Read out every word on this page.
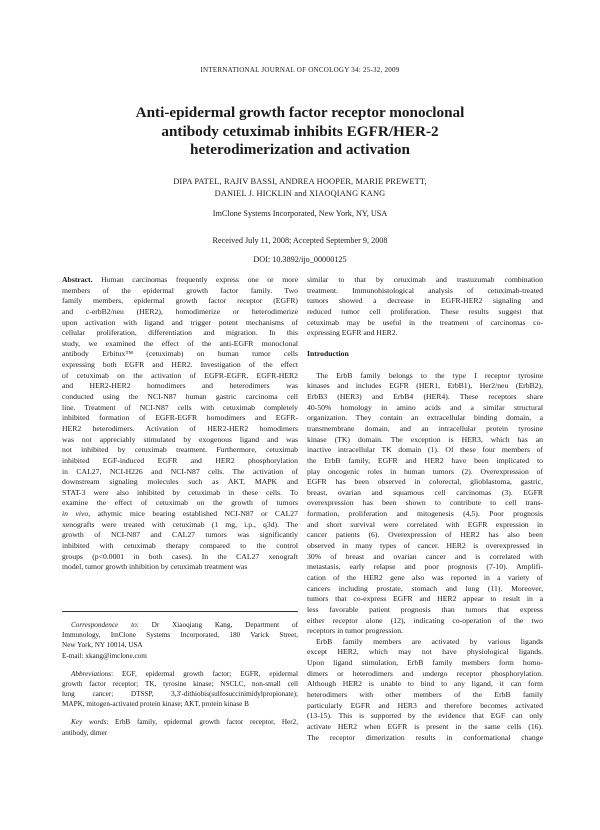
INTERNATIONAL JOURNAL OF ONCOLOGY 34: 25-32, 2009
Anti-epidermal growth factor receptor monoclonal
antibody cetuximab inhibits EGFR/HER-2
heterodimerization and activation
DIPA PATEL, RAJIV BASSI, ANDREA HOOPER, MARIE PREWETT,
DANIEL J. HICKLIN and XIAOQIANG KANG
ImClone Systems Incorporated, New York, NY, USA
Received July 11, 2008; Accepted September 9, 2008
DOI: 10.3892/ijo_00000125
Abstract. Human carcinomas frequently express one or more
members of the epidermal growth factor family. Two
family members, epidermal growth factor receptor (EGFR)
and c-erbB2/neu (HER2), homodimerize or heterodimerize
upon activation with ligand and trigger potent mechanisms of
cellular proliferation, differentiation and migration. In this
study, we examined the effect of the anti-EGFR monoclonal
antibody Erbitux™ (cetuximab) on human tumor cells
expressing both EGFR and HER2. Investigation of the effect
of cetuximab on the activation of EGFR-EGFR, EGFR-HER2
and HER2-HER2 homodimers and heterodimers was
conducted using the NCI-N87 human gastric carcinoma cell
line. Treatment of NCI-N87 cells with cetuximab completely
inhibited formation of EGFR-EGFR homodimers and EGFR-
HER2 heterodimers. Activation of HER2-HER2 homodimers
was not appreciably stimulated by exogenous ligand and was
not inhibited by cetuximab treatment. Furthermore, cetuximab
inhibited EGF-induced EGFR and HER2 phosphorylation
in CAL27, NCI-H226 and NCI-N87 cells. The activation of
downstream signaling molecules such as AKT, MAPK and
STAT-3 were also inhibited by cetuximab in these cells. To
examine the effect of cetuximab on the growth of tumors
in vivo, athymic mice bearing established NCI-N87 or CAL27
xenografts were treated with cetuximab (1 mg, i.p., q3d). The
growth of NCI-N87 and CAL27 tumors was significantly
inhibited with cetuximab therapy compared to the control
groups (p<0.0001 in both cases). In the CAL27 xenograft
model, tumor growth inhibition by cetuximab treatment was
Correspondence to: Dr Xiaoqiang Kang, Department of
Immunology, ImClone Systems Incorporated, 180 Varick Street,
New York, NY 10014, USA
E-mail: xkang@imclone.com
Abbreviations: EGF, epidermal growth factor; EGFR, epidermal
growth factor receptor; TK, tyrosine kinase; NSCLC, non-small cell
lung cancer; DTSSP, 3,3'-dithiobis(sulfosuccinimidylpropionate);
MAPK, mitogen-activated protein kinase; AKT, protein kinase B
Key words: ErbB family, epidermal growth factor receptor, Her2,
antibody, dimer
similar to that by cetuximab and trastuzumab combination
treatment. Immunohistological analysis of cetuximab-treated
tumors showed a decrease in EGFR-HER2 signaling and
reduced tumor cell proliferation. These results suggest that
cetuximab may be useful in the treatment of carcinomas co-
expressing EGFR and HER2.
Introduction
The ErbB family belongs to the type I receptor tyrosine
kinases and includes EGFR (HER1, ErbB1), Her2/neu (ErbB2),
ErbB3 (HER3) and ErbB4 (HER4). These receptors share
40-50% homology in amino acids and a similar structural
organization. They contain an extracellular binding domain, a
transmembrane domain, and an intracellular protein tyrosine
kinase (TK) domain. The exception is HER3, which has an
inactive intracellular TK domain (1). Of these four members of
the ErbB family, EGFR and HER2 have been implicated to
play oncogenic roles in human tumors (2). Overexpression of
EGFR has been observed in colorectal, glioblastoma, gastric,
breast, ovarian and squamous cell carcinomas (3). EGFR
overexpression has been shown to contribute to cell trans-
formation, proliferation and mitogenesis (4,5). Poor prognosis
and short survival were correlated with EGFR expression in
cancer patients (6). Overexpression of HER2 has also been
observed in many types of cancer. HER2 is overexpressed in
30% of breast and ovarian cancer and is correlated with
metastasis, early relapse and poor prognosis (7-10). Amplifi-
cation of the HER2 gene also was reported in a variety of
cancers including prostate, stomach and lung (11). Moreover,
tumors that co-express EGFR and HER2 appear to result in a
less favorable patient prognosis than tumors that express
either receptor alone (12), indicating co-operation of the two
receptors in tumor progression.
ErbB family members are activated by various ligands
except HER2, which may not have physiological ligands.
Upon ligand stimulation, ErbB family members form homo-
dimers or heterodimers and undergo receptor phosphorylation.
Although HER2 is unable to bind to any ligand, it can form
heterodimers with other members of the ErbB family
particularly EGFR and HER3 and therefore becomes activated
(13-15). This is supported by the evidence that EGF can only
activate HER2 when EGFR is present in the same cells (16).
The receptor dimerization results in conformational change
